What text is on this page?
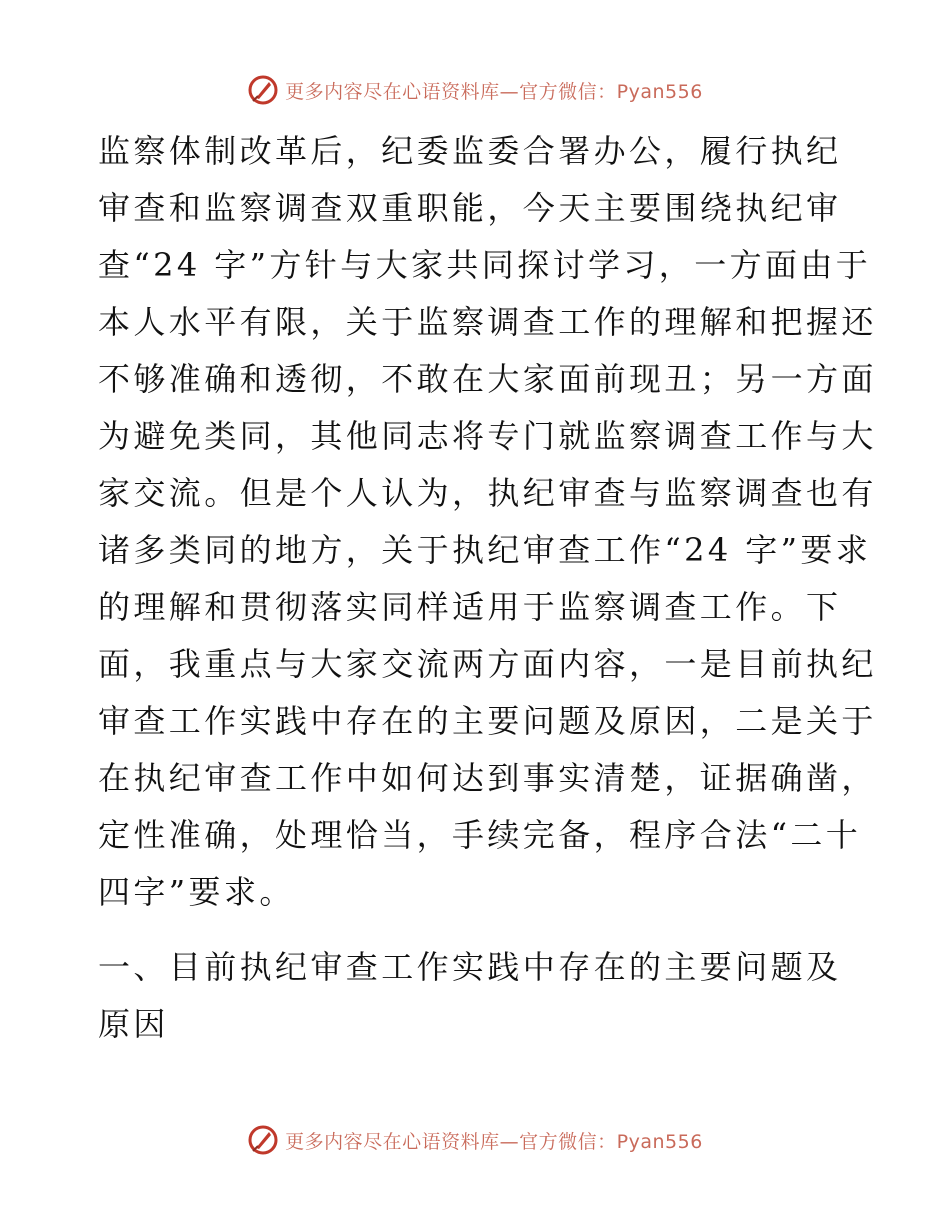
更多内容尽在心语资料库—官方微信：Pyan556

监察体制改革后，纪委监委合署办公，履行执纪

审查和监察调查双重职能，今天主要围绕执纪审

查“24 字”方针与大家共同探讨学习，一方面由于

本人水平有限，关于监察调查工作的理解和把握还

不够准确和透彻，不敢在大家面前现丑；另一方面

为避免类同，其他同志将专门就监察调查工作与大

家交流。但是个人认为，执纪审查与监察调查也有

诸多类同的地方，关于执纪审查工作“24 字”要求

的理解和贯彻落实同样适用于监察调查工作。下

面，我重点与大家交流两方面内容，一是目前执纪

审查工作实践中存在的主要问题及原因，二是关于

在执纪审查工作中如何达到事实清楚，证据确凿，

定性准确，处理恰当，手续完备，程序合法“二十

四字”要求。

一、目前执纪审查工作实践中存在的主要问题及

原因

更多内容尽在心语资料库—官方微信：Pyan556
